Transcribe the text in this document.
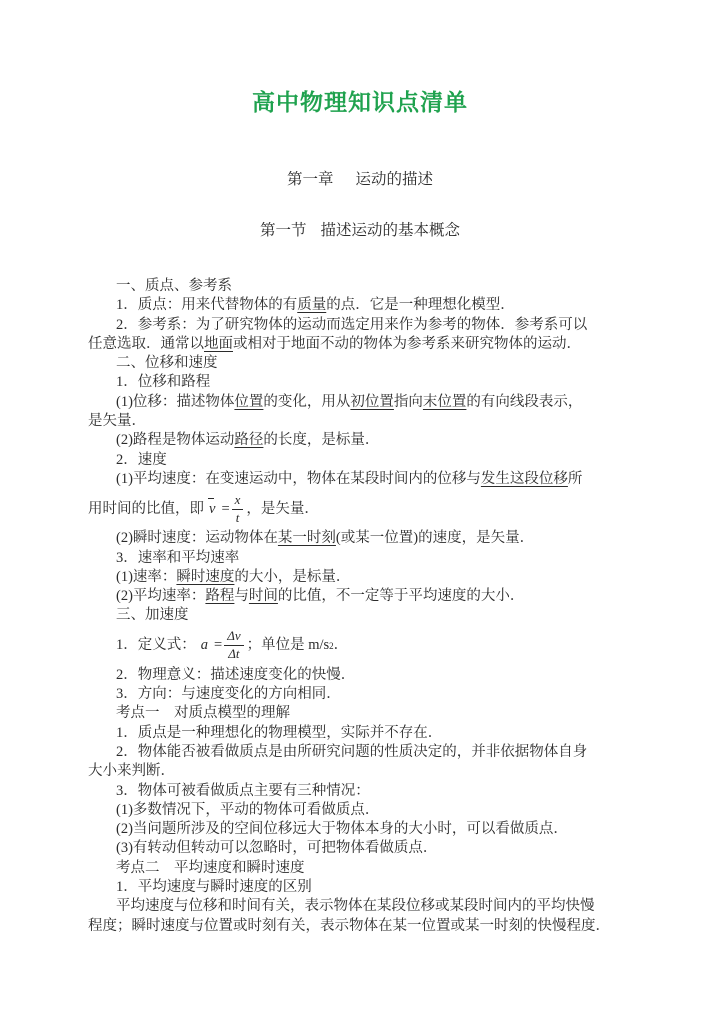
高中物理知识点清单
第一章 运动的描述
第一节 描述运动的基本概念
一、质点、参考系
1．质点：用来代替物体的有质量的点．它是一种理想化模型．
2．参考系：为了研究物体的运动而选定用来作为参考的物体．参考系可以
任意选取．通常以地面或相对于地面不动的物体为参考系来研究物体的运动．
二、位移和速度
1．位移和路程
(1)位移：描述物体位置的变化，用从初位置指向末位置的有向线段表示，
是矢量．
(2)路程是物体运动路径的长度，是标量．
2．速度
(1)平均速度：在变速运动中，物体在某段时间内的位移与发生这段位移所
用时间的比值，即 $v = \frac{x}{t}$ ，是矢量．
(2)瞬时速度：运动物体在某一时刻(或某一位置)的速度，是矢量．
3．速率和平均速率
(1)速率：瞬时速度的大小，是标量．
(2)平均速率：路程与时间的比值，不一定等于平均速度的大小．
三、加速度
1．定义式： $a = \frac{\Delta v}{\Delta t}$ ；单位是 m/s 2 ．
2．物理意义：描述速度变化的快慢．
3．方向：与速度变化的方向相同．
考点一　对质点模型的理解
1．质点是一种理想化的物理模型，实际并不存在．
2．物体能否被看做质点是由所研究问题的性质决定的，并非依据物体自身
大小来判断．
3．物体可被看做质点主要有三种情况：
(1)多数情况下，平动的物体可看做质点．
(2)当问题所涉及的空间位移远大于物体本身的大小时，可以看做质点．
(3)有转动但转动可以忽略时，可把物体看做质点．
考点二　平均速度和瞬时速度
1．平均速度与瞬时速度的区别
平均速度与位移和时间有关，表示物体在某段位移或某段时间内的平均快慢
程度；瞬时速度与位置或时刻有关，表示物体在某一位置或某一时刻的快慢程度．
